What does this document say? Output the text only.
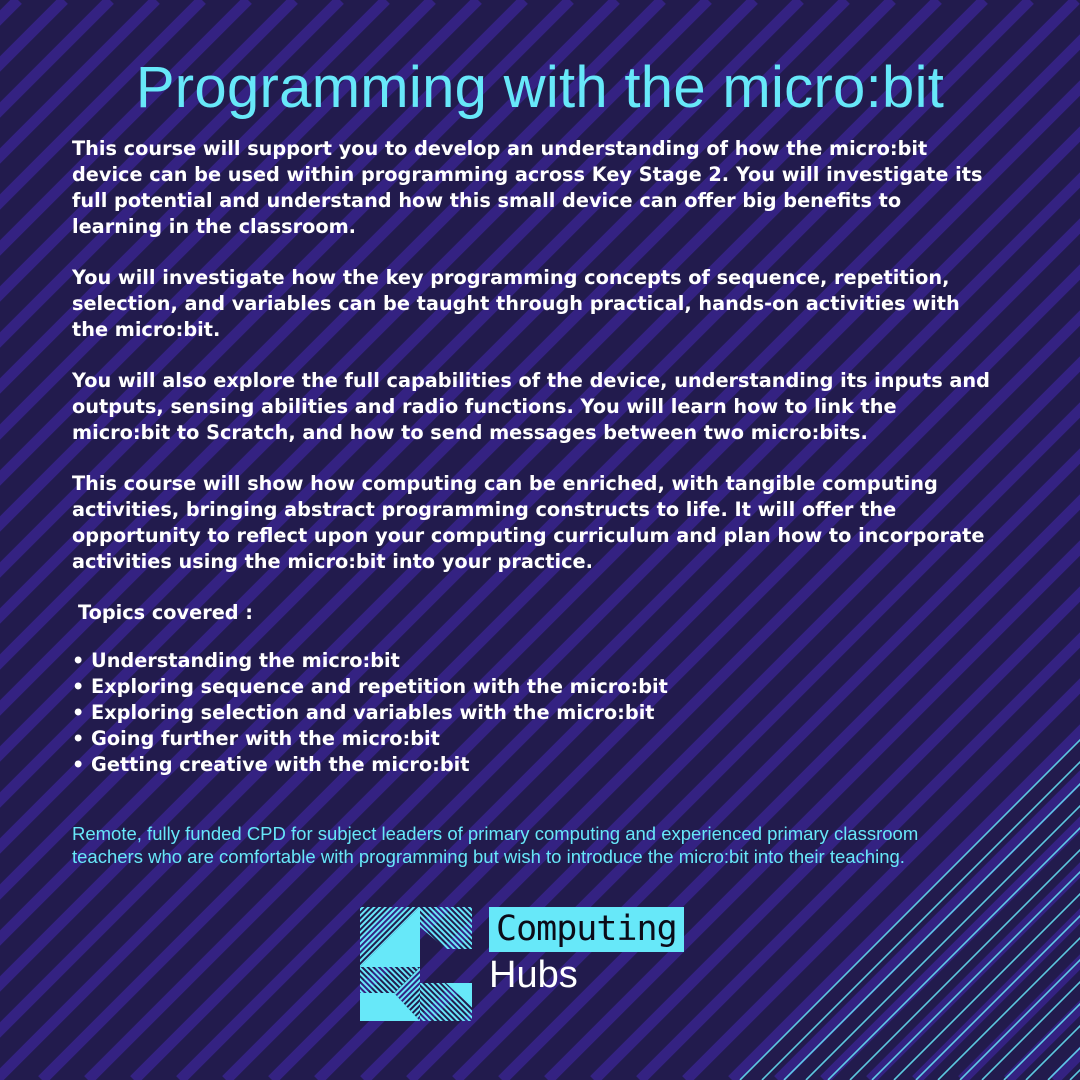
Programming with the micro:bit

This course will support you to develop an understanding of how the micro:bit device can be used within programming across Key Stage 2. You will investigate its full potential and understand how this small device can offer big benefits to learning in the classroom.

You will investigate how the key programming concepts of sequence, repetition, selection, and variables can be taught through practical, hands-on activities with the micro:bit.

You will also explore the full capabilities of the device, understanding its inputs and outputs, sensing abilities and radio functions. You will learn how to link the micro:bit to Scratch, and how to send messages between two micro:bits.

This course will show how computing can be enriched, with tangible computing activities, bringing abstract programming constructs to life. It will offer the opportunity to reflect upon your computing curriculum and plan how to incorporate activities using the micro:bit into your practice.

Topics covered :
• Understanding the micro:bit
• Exploring sequence and repetition with the micro:bit
• Exploring selection and variables with the micro:bit
• Going further with the micro:bit
• Getting creative with the micro:bit

Remote, fully funded CPD for subject leaders of primary computing and experienced primary classroom teachers who are comfortable with programming but wish to introduce the micro:bit into their teaching.

Computing
Hubs
